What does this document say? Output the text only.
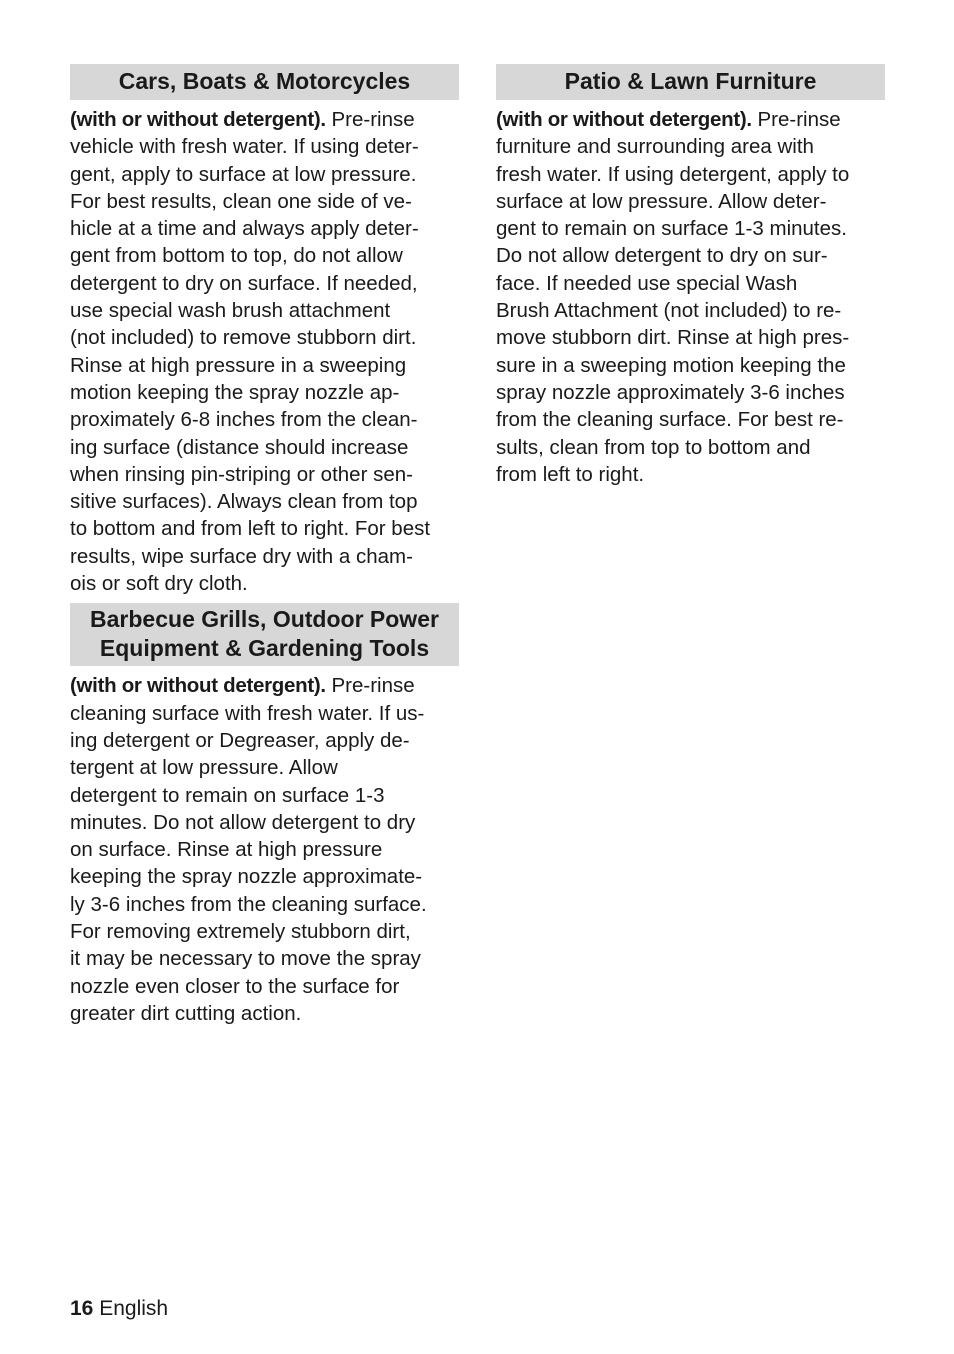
Cars, Boats & Motorcycles
(with or without detergent). Pre-rinse
vehicle with fresh water. If using deter-
gent, apply to surface at low pressure.
For best results, clean one side of ve-
hicle at a time and always apply deter-
gent from bottom to top, do not allow
detergent to dry on surface. If needed,
use special wash brush attachment
(not included) to remove stubborn dirt.
Rinse at high pressure in a sweeping
motion keeping the spray nozzle ap-
proximately 6-8 inches from the clean-
ing surface (distance should increase
when rinsing pin-striping or other sen-
sitive surfaces). Always clean from top
to bottom and from left to right. For best
results, wipe surface dry with a cham-
ois or soft dry cloth.
Barbecue Grills, Outdoor Power
Equipment & Gardening Tools
(with or without detergent). Pre-rinse
cleaning surface with fresh water. If us-
ing detergent or Degreaser, apply de-
tergent at low pressure. Allow
detergent to remain on surface 1-3
minutes. Do not allow detergent to dry
on surface. Rinse at high pressure
keeping the spray nozzle approximate-
ly 3-6 inches from the cleaning surface.
For removing extremely stubborn dirt,
it may be necessary to move the spray
nozzle even closer to the surface for
greater dirt cutting action.
Patio & Lawn Furniture
(with or without detergent). Pre-rinse
furniture and surrounding area with
fresh water. If using detergent, apply to
surface at low pressure. Allow deter-
gent to remain on surface 1-3 minutes.
Do not allow detergent to dry on sur-
face. If needed use special Wash
Brush Attachment (not included) to re-
move stubborn dirt. Rinse at high pres-
sure in a sweeping motion keeping the
spray nozzle approximately 3-6 inches
from the cleaning surface. For best re-
sults, clean from top to bottom and
from left to right.
16 English
